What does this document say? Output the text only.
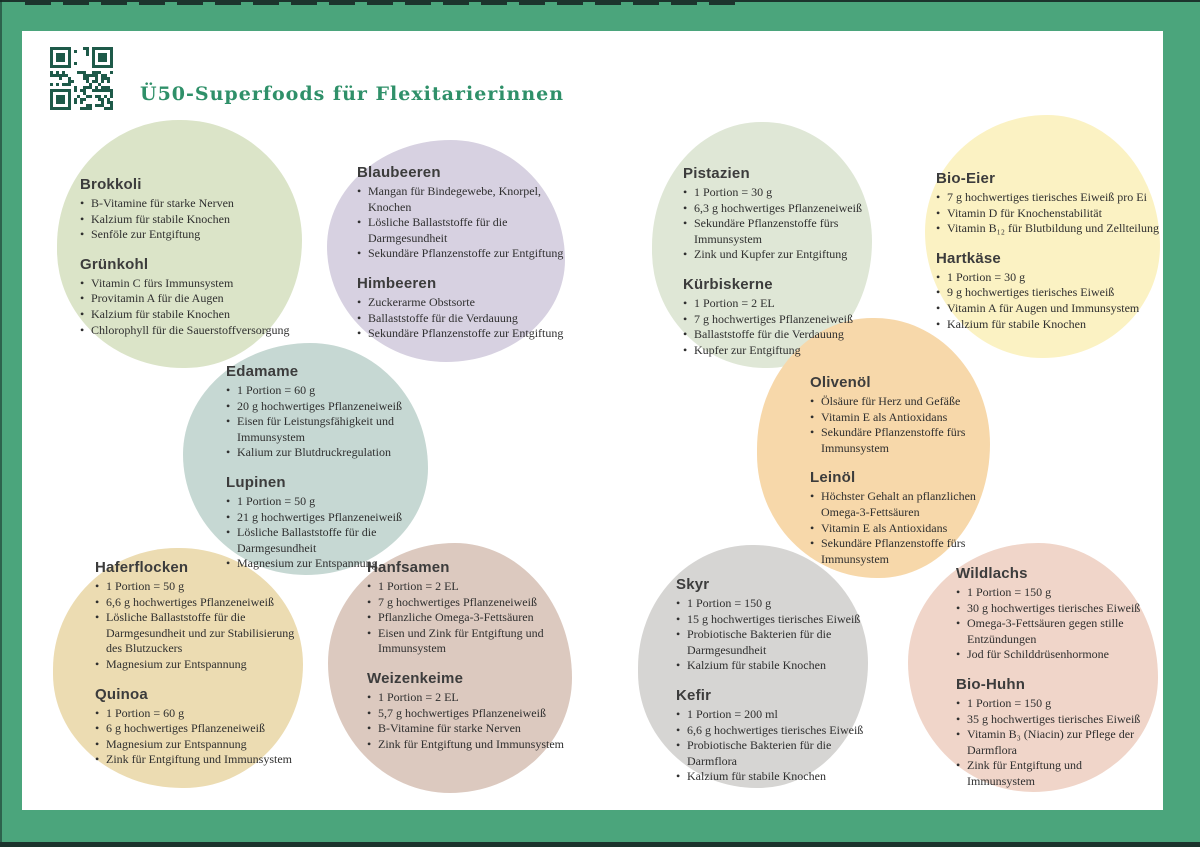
Ü50-Superfoods für Flexitarierinnen
Brokkoli
• B-Vitamine für starke Nerven
• Kalzium für stabile Knochen
• Senföle zur Entgiftung
Grünkohl
• Vitamin C fürs Immunsystem
• Provitamin A für die Augen
• Kalzium für stabile Knochen
• Chlorophyll für die Sauerstoffversorgung
Blaubeeren
• Mangan für Bindegewebe, Knorpel, Knochen
• Lösliche Ballaststoffe für die Darmgesundheit
• Sekundäre Pflanzenstoffe zur Entgiftung
Himbeeren
• Zuckerarme Obstsorte
• Ballaststoffe für die Verdauung
• Sekundäre Pflanzenstoffe zur Entgiftung
Pistazien
• 1 Portion = 30 g
• 6,3 g hochwertiges Pflanzeneiweiß
• Sekundäre Pflanzenstoffe fürs Immunsystem
• Zink und Kupfer zur Entgiftung
Kürbiskerne
• 1 Portion = 2 EL
• 7 g hochwertiges Pflanzeneiweiß
• Ballaststoffe für die Verdauung
• Kupfer zur Entgiftung
Bio-Eier
• 7 g hochwertiges tierisches Eiweiß pro Ei
• Vitamin D für Knochenstabilität
• Vitamin B₁₂ für Blutbildung und Zellteilung
Hartkäse
• 1 Portion = 30 g
• 9 g hochwertiges tierisches Eiweiß
• Vitamin A für Augen und Immunsystem
• Kalzium für stabile Knochen
Edamame
• 1 Portion = 60 g
• 20 g hochwertiges Pflanzeneiweiß
• Eisen für Leistungsfähigkeit und Immunsystem
• Kalium zur Blutdruckregulation
Lupinen
• 1 Portion = 50 g
• 21 g hochwertiges Pflanzeneiweiß
• Lösliche Ballaststoffe für die Darmgesundheit
• Magnesium zur Entspannung
Olivenöl
• Ölsäure für Herz und Gefäße
• Vitamin E als Antioxidans
• Sekundäre Pflanzenstoffe fürs Immunsystem
Leinöl
• Höchster Gehalt an pflanzlichen Omega-3-Fettsäuren
• Vitamin E als Antioxidans
• Sekundäre Pflanzenstoffe fürs Immunsystem
Haferflocken
• 1 Portion = 50 g
• 6,6 g hochwertiges Pflanzeneiweiß
• Lösliche Ballaststoffe für die Darmgesundheit und zur Stabilisierung des Blutzuckers
• Magnesium zur Entspannung
Quinoa
• 1 Portion = 60 g
• 6 g hochwertiges Pflanzeneiweiß
• Magnesium zur Entspannung
• Zink für Entgiftung und Immunsystem
Hanfsamen
• 1 Portion = 2 EL
• 7 g hochwertiges Pflanzeneiweiß
• Pflanzliche Omega-3-Fettsäuren
• Eisen und Zink für Entgiftung und Immunsystem
Weizenkeime
• 1 Portion = 2 EL
• 5,7 g hochwertiges Pflanzeneiweiß
• B-Vitamine für starke Nerven
• Zink für Entgiftung und Immunsystem
Skyr
• 1 Portion = 150 g
• 15 g hochwertiges tierisches Eiweiß
• Probiotische Bakterien für die Darmgesundheit
• Kalzium für stabile Knochen
Kefir
• 1 Portion = 200 ml
• 6,6 g hochwertiges tierisches Eiweiß
• Probiotische Bakterien für die Darmflora
• Kalzium für stabile Knochen
Wildlachs
• 1 Portion = 150 g
• 30 g hochwertiges tierisches Eiweiß
• Omega-3-Fettsäuren gegen stille Entzündungen
• Jod für Schilddrüsenhormone
Bio-Huhn
• 1 Portion = 150 g
• 35 g hochwertiges tierisches Eiweiß
• Vitamin B₃ (Niacin) zur Pflege der Darmflora
• Zink für Entgiftung und Immunsystem
